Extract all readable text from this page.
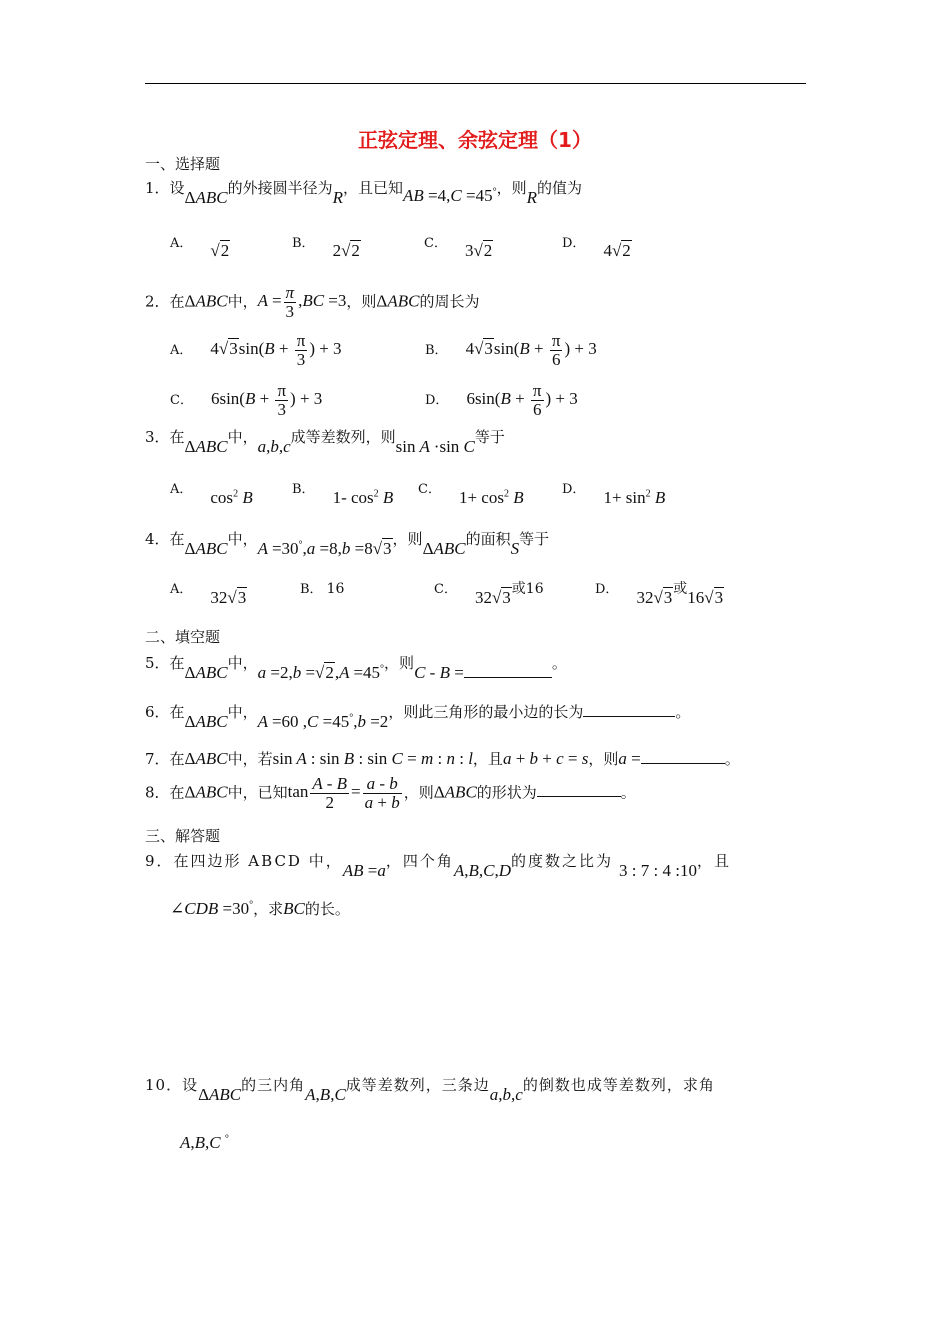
正弦定理、余弦定理（1）
一、选择题
1．设ΔABC的外接圆半径为R，且已知AB =4,C =45°，则R的值为
A． √2	B． 2√2	C． 3√2	D． 4√2
2．在ΔABC中，$A = \frac{\pi}{3} ,BC =3$，则ΔABC的周长为
A． $4√3\sin(B + \frac{\pi}{3}$ ) + 3	B． $4√3\sin(B + \frac{\pi}{6}$ ) + 3
C． $6\sin(B + \frac{\pi}{3}$ ) + 3	D． $6\sin(B + \frac{\pi}{6}$ ) + 3
3．在ΔABC中，a,b,c成等差数列，则sin A ·sin C等于
A． $\cos^2 B$	B． 1- $\cos^2 B$ C． $1+ \cos^2 B$	D． $1+ \sin^2 B$
4．在ΔABC中，A =30°,a =8,b =8√3，则ΔABC的面积S等于
A． 32√3	B． 16	C． 32√3或16	D． 32√3或16√3
二、填空题
5．在ΔABC中，a =2,b =√2,A =45°，则C - B =	。
6．在ΔABC中，A =60 ,C =45°,b =2，则此三角形的最小边的长为	。
7．在ΔABC中，若sin A : sin B : sin C = m : n : l，且a + b + c = s，则a =	。
8．在ΔABC中，已知$\tan \frac{A - B}{2} = \frac{a - b}{a + b}$ ，则ΔABC的形状为	。
三、解答题
9．在四边形 ABCD 中，AB =a，四个角A,B,C,D的度数之比为 3 : 7 : 4 :10，且
∠CDB =30°，求BC的长。
10．设ΔABC的三内角A,B,C成等差数列，三条边a,b,c的倒数也成等差数列，求角
A,B,C °
